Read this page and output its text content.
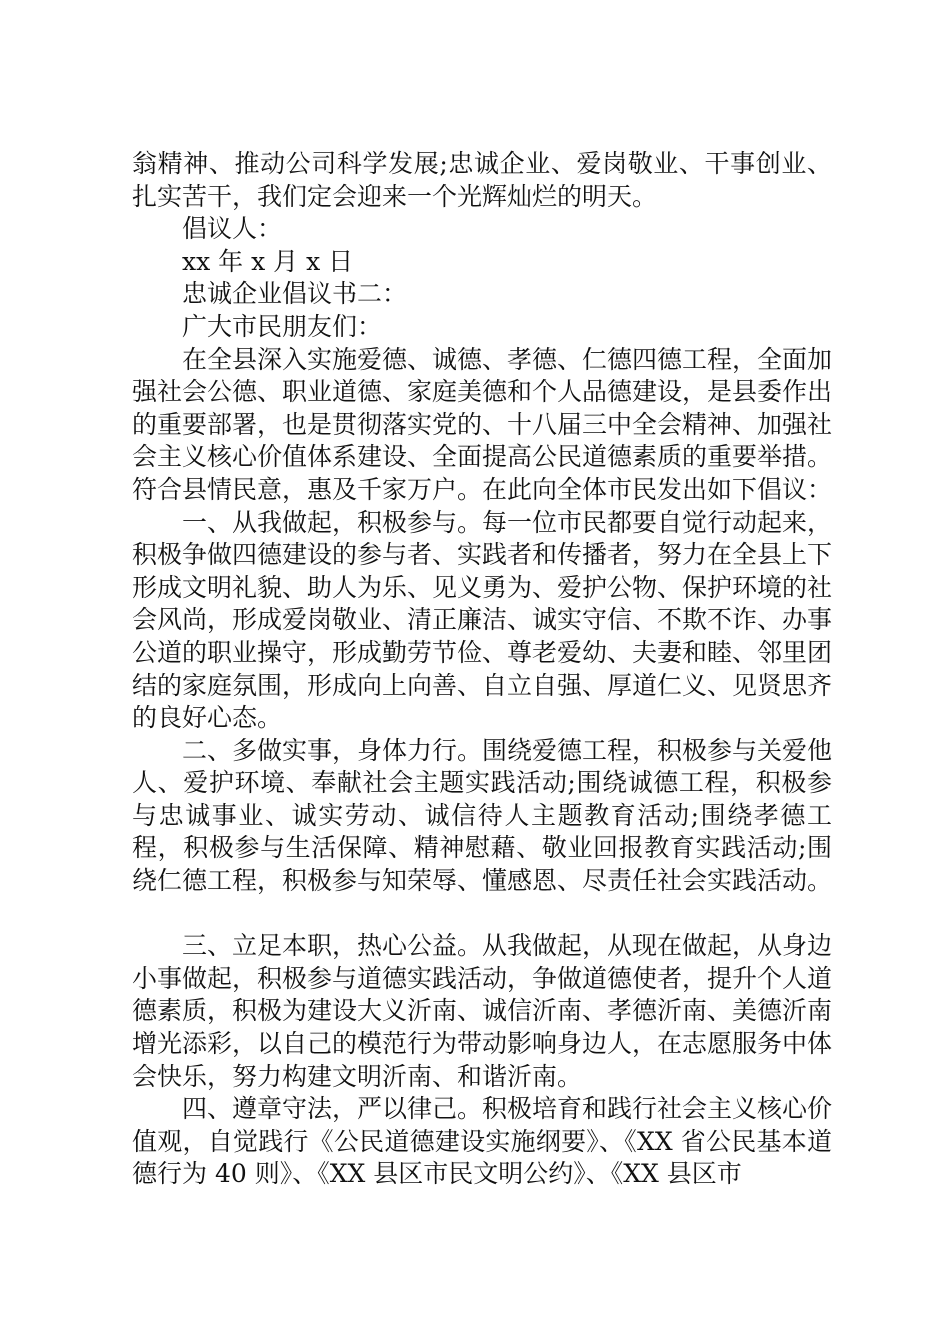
翁精神、推动公司科学发展;忠诚企业、爱岗敬业、干事创业、扎实苦干，我们定会迎来一个光辉灿烂的明天。

倡议人：

xx 年 x 月 x 日

忠诚企业倡议书二：

广大市民朋友们：

在全县深入实施爱德、诚德、孝德、仁德四德工程，全面加强社会公德、职业道德、家庭美德和个人品德建设，是县委作出的重要部署，也是贯彻落实党的、十八届三中全会精神、加强社会主义核心价值体系建设、全面提高公民道德素质的重要举措。符合县情民意，惠及千家万户。在此向全体市民发出如下倡议：

一、从我做起，积极参与。每一位市民都要自觉行动起来，积极争做四德建设的参与者、实践者和传播者，努力在全县上下形成文明礼貌、助人为乐、见义勇为、爱护公物、保护环境的社会风尚，形成爱岗敬业、清正廉洁、诚实守信、不欺不诈、办事公道的职业操守，形成勤劳节俭、尊老爱幼、夫妻和睦、邻里团结的家庭氛围，形成向上向善、自立自强、厚道仁义、见贤思齐的良好心态。

二、多做实事，身体力行。围绕爱德工程，积极参与关爱他人、爱护环境、奉献社会主题实践活动;围绕诚德工程，积极参与忠诚事业、诚实劳动、诚信待人主题教育活动;围绕孝德工程，积极参与生活保障、精神慰藉、敬业回报教育实践活动;围绕仁德工程，积极参与知荣辱、懂感恩、尽责任社会实践活动。

三、立足本职，热心公益。从我做起，从现在做起，从身边小事做起，积极参与道德实践活动，争做道德使者，提升个人道德素质，积极为建设大义沂南、诚信沂南、孝德沂南、美德沂南增光添彩，以自己的模范行为带动影响身边人，在志愿服务中体会快乐，努力构建文明沂南、和谐沂南。

四、遵章守法，严以律己。积极培育和践行社会主义核心价值观，自觉践行《公民道德建设实施纲要》、《XX 省公民基本道德行为 40 则》、《XX 县区市民文明公约》、《XX 县区市
